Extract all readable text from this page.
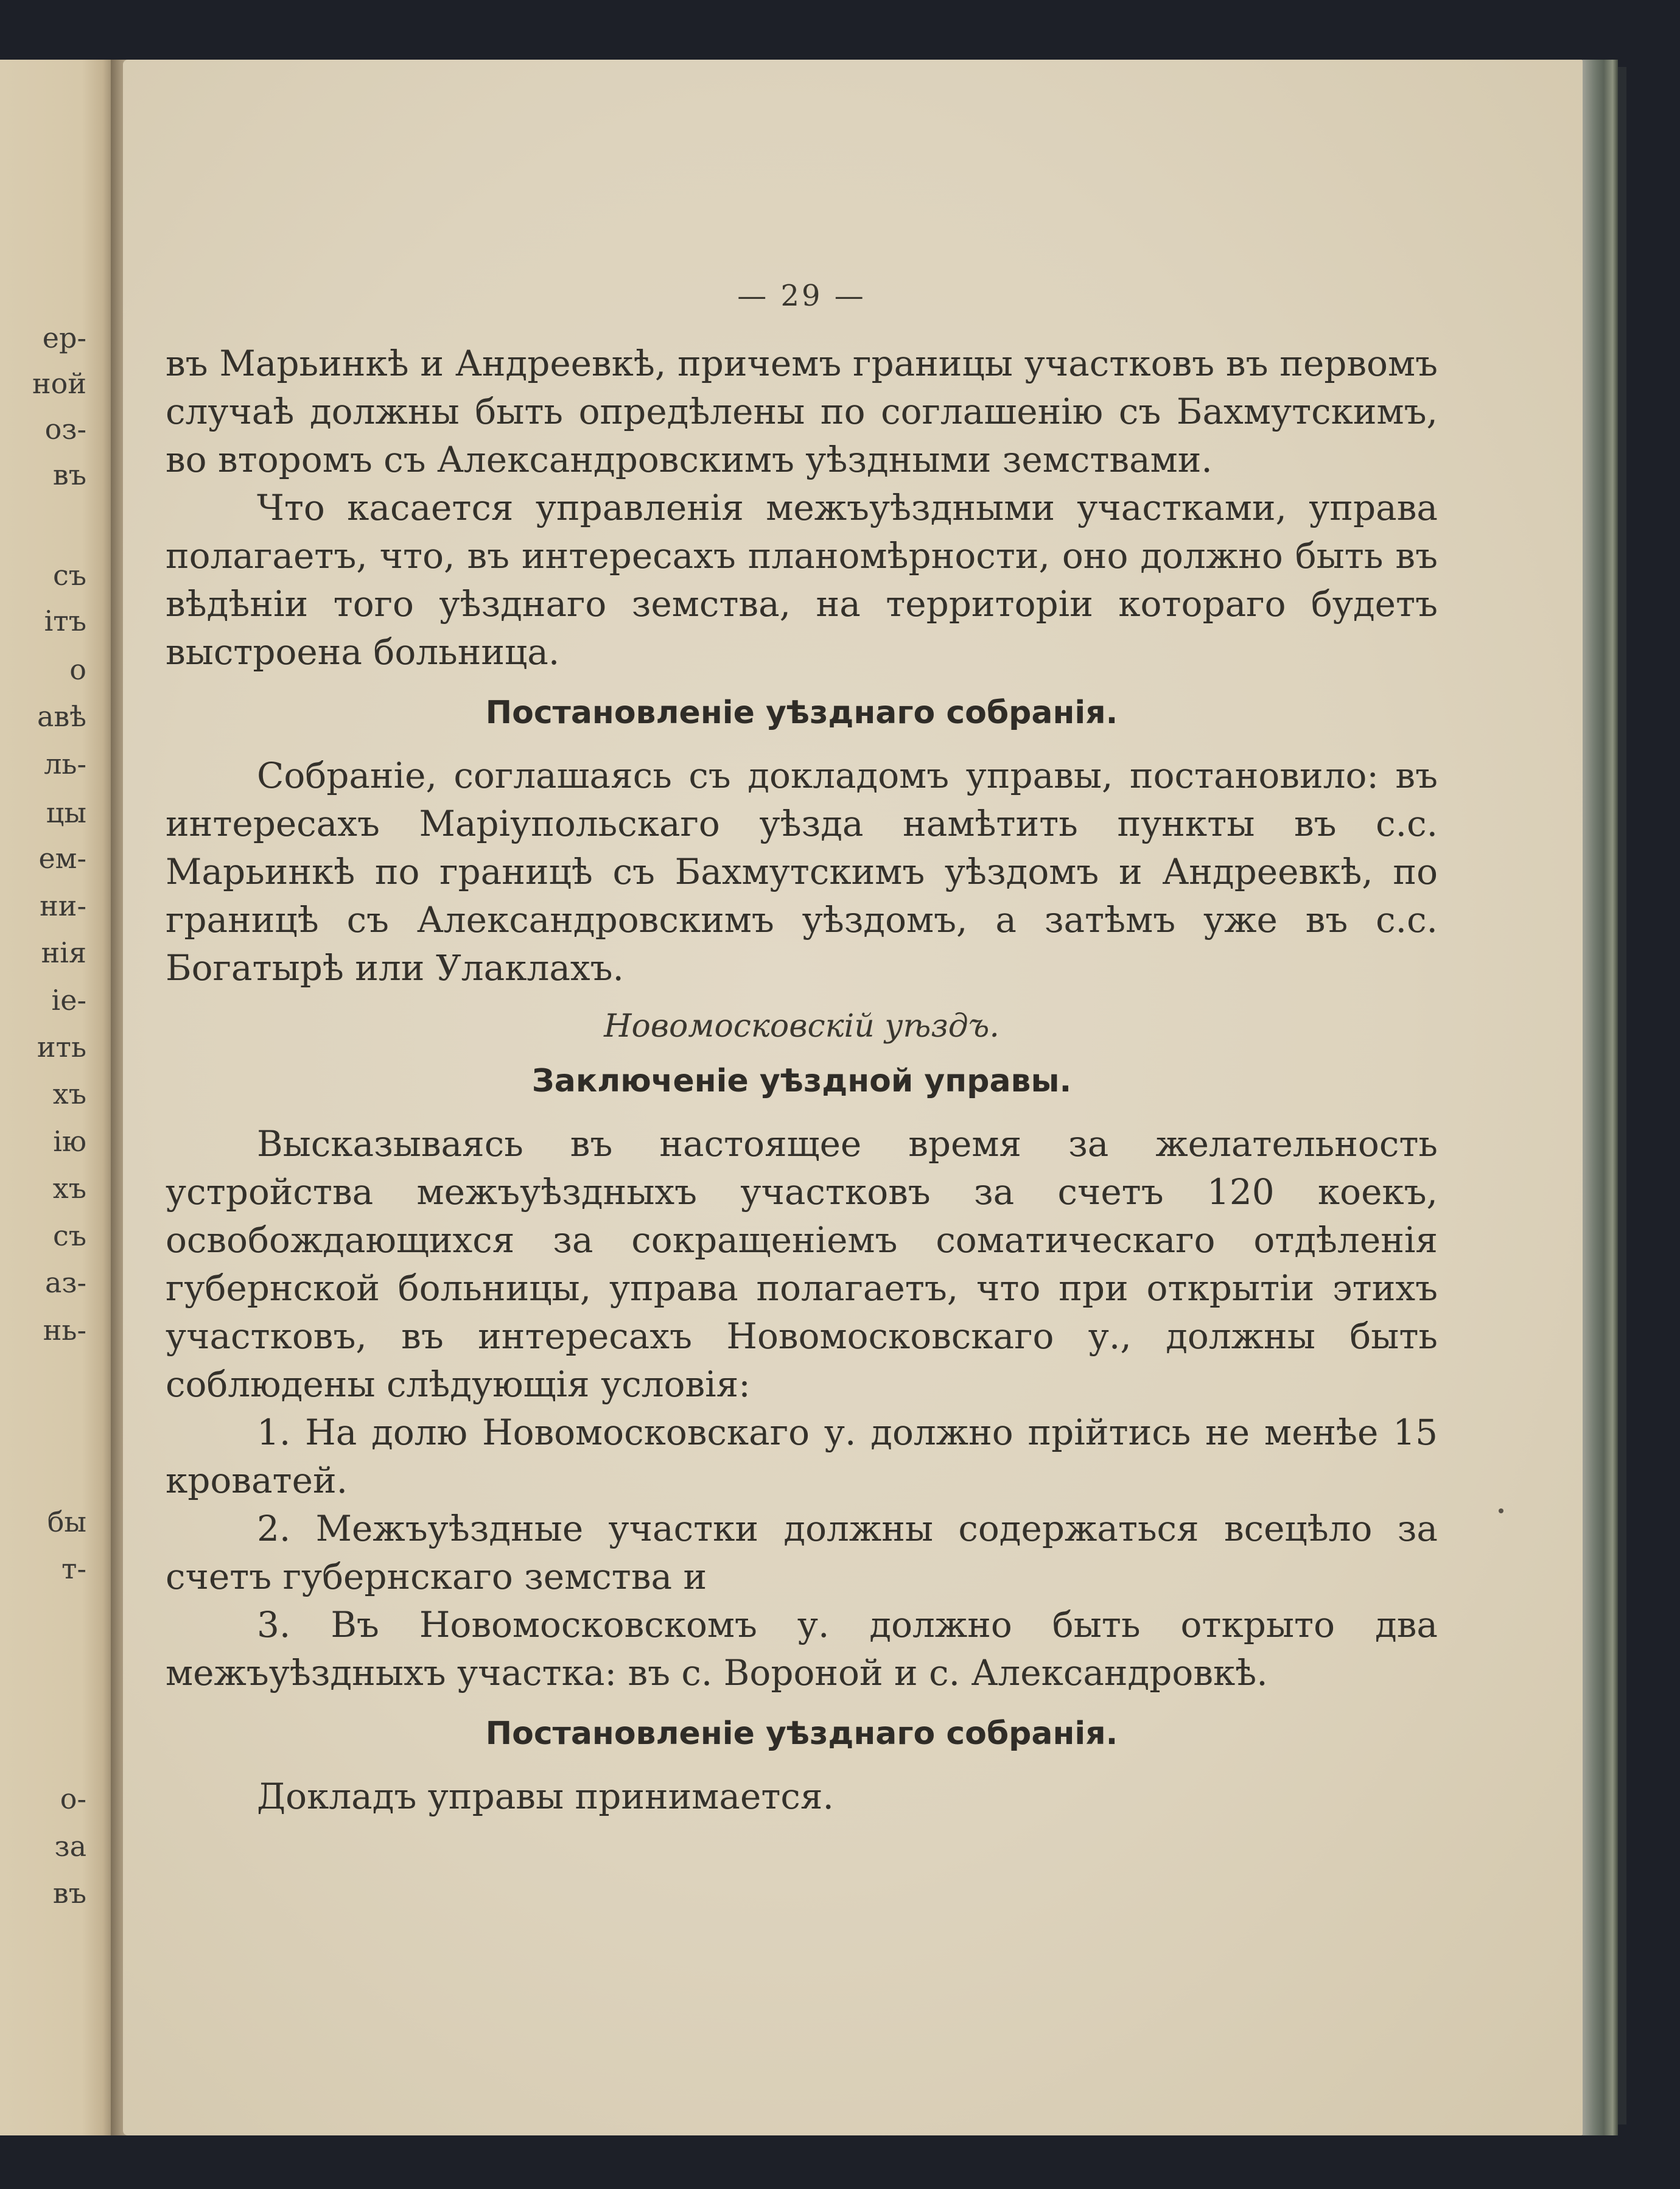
ер-
ной
оз-
въ
съ
ітъ
о
авѣ
ль-
цы
ем-
ни-
нія
іе-
ить
хъ
ію
хъ
съ
аз-
нь-
бы
т-
о-
за
въ
— 29 —

въ Марьинкѣ и Андреевкѣ, причемъ границы участковъ въ первомъ случаѣ должны быть опредѣлены по соглашенію съ Бахмутскимъ, во второмъ съ Александровскимъ уѣздными земствами.

Что касается управленія межъуѣздными участками, управа полагаетъ, что, въ интересахъ планомѣрности, оно должно быть въ вѣдѣніи того уѣзднаго земства, на территоріи котораго будетъ выстроена больница.

Постановленіе уѣзднаго собранія.

Собраніе, соглашаясь съ докладомъ управы, постановило: въ интересахъ Маріупольскаго уѣзда намѣтить пункты въ с.с. Марьинкѣ по границѣ съ Бахмутскимъ уѣздомъ и Андреевкѣ, по границѣ съ Александровскимъ уѣздомъ, а затѣмъ уже въ с.с. Богатырѣ или Улаклахъ.

Новомосковскій уѣздъ.
Заключеніе уѣздной управы.

Высказываясь въ настоящее время за желательность устройства межъуѣздныхъ участковъ за счетъ 120 коекъ, освобождающихся за сокращеніемъ соматическаго отдѣленія губернской больницы, управа полагаетъ, что при открытіи этихъ участковъ, въ интересахъ Новомосковскаго у., должны быть соблюдены слѣдующія условія:

1. На долю Новомосковскаго у. должно прійтись не менѣе 15 кроватей.

2. Межъуѣздные участки должны содержаться всецѣло за счетъ губернскаго земства и

3. Въ Новомосковскомъ у. должно быть открыто два межъуѣздныхъ участка: въ с. Вороной и с. Александровкѣ.

Постановленіе уѣзднаго собранія.

Докладъ управы принимается.
